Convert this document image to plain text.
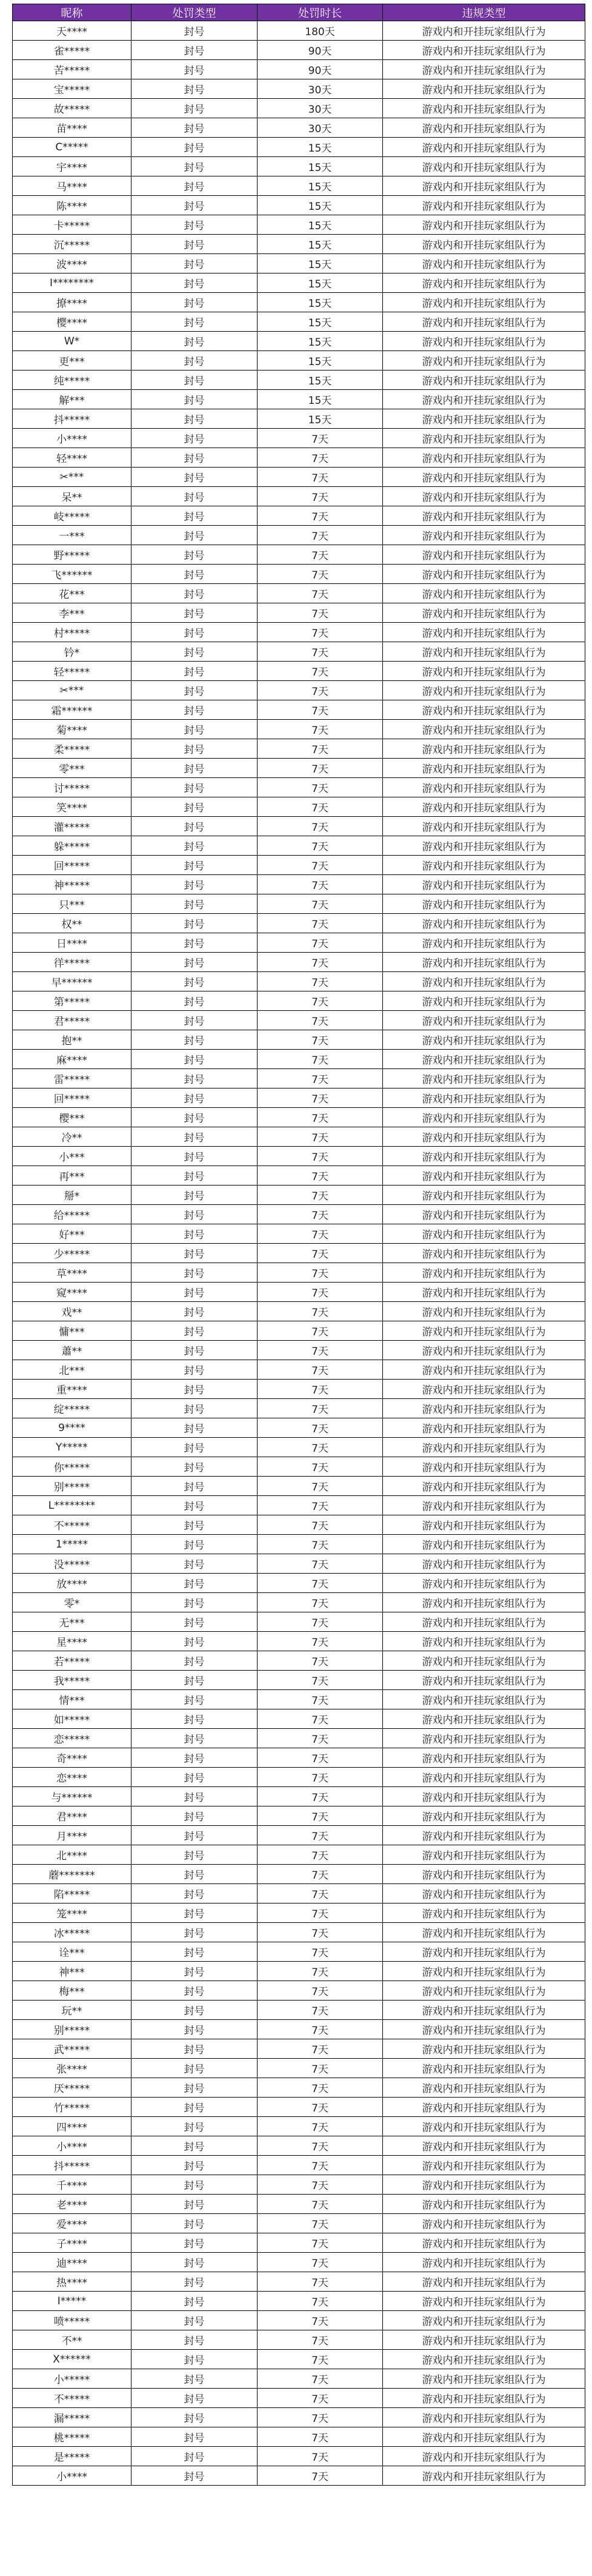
昵称	处罚类型	处罚时长	违规类型
天****	封号	180天	游戏内和开挂玩家组队行为
雀*****	封号	90天	游戏内和开挂玩家组队行为
苦*****	封号	90天	游戏内和开挂玩家组队行为
宝*****	封号	30天	游戏内和开挂玩家组队行为
故*****	封号	30天	游戏内和开挂玩家组队行为
苗****	封号	30天	游戏内和开挂玩家组队行为
C*****	封号	15天	游戏内和开挂玩家组队行为
宇****	封号	15天	游戏内和开挂玩家组队行为
马****	封号	15天	游戏内和开挂玩家组队行为
陈****	封号	15天	游戏内和开挂玩家组队行为
卡*****	封号	15天	游戏内和开挂玩家组队行为
沉*****	封号	15天	游戏内和开挂玩家组队行为
波****	封号	15天	游戏内和开挂玩家组队行为
I********	封号	15天	游戏内和开挂玩家组队行为
撩****	封号	15天	游戏内和开挂玩家组队行为
樱****	封号	15天	游戏内和开挂玩家组队行为
W*	封号	15天	游戏内和开挂玩家组队行为
更***	封号	15天	游戏内和开挂玩家组队行为
纯*****	封号	15天	游戏内和开挂玩家组队行为
解***	封号	15天	游戏内和开挂玩家组队行为
抖*****	封号	15天	游戏内和开挂玩家组队行为
小****	封号	7天	游戏内和开挂玩家组队行为
轻****	封号	7天	游戏内和开挂玩家组队行为
✂***	封号	7天	游戏内和开挂玩家组队行为
呆**	封号	7天	游戏内和开挂玩家组队行为
岐*****	封号	7天	游戏内和开挂玩家组队行为
一***	封号	7天	游戏内和开挂玩家组队行为
野*****	封号	7天	游戏内和开挂玩家组队行为
飞******	封号	7天	游戏内和开挂玩家组队行为
花***	封号	7天	游戏内和开挂玩家组队行为
李***	封号	7天	游戏内和开挂玩家组队行为
村*****	封号	7天	游戏内和开挂玩家组队行为
钤*	封号	7天	游戏内和开挂玩家组队行为
轻*****	封号	7天	游戏内和开挂玩家组队行为
✂***	封号	7天	游戏内和开挂玩家组队行为
霜******	封号	7天	游戏内和开挂玩家组队行为
菊****	封号	7天	游戏内和开挂玩家组队行为
柔*****	封号	7天	游戏内和开挂玩家组队行为
零***	封号	7天	游戏内和开挂玩家组队行为
讨*****	封号	7天	游戏内和开挂玩家组队行为
笑****	封号	7天	游戏内和开挂玩家组队行为
灌*****	封号	7天	游戏内和开挂玩家组队行为
躲*****	封号	7天	游戏内和开挂玩家组队行为
回*****	封号	7天	游戏内和开挂玩家组队行为
神*****	封号	7天	游戏内和开挂玩家组队行为
只***	封号	7天	游戏内和开挂玩家组队行为
权**	封号	7天	游戏内和开挂玩家组队行为
日****	封号	7天	游戏内和开挂玩家组队行为
徉*****	封号	7天	游戏内和开挂玩家组队行为
早******	封号	7天	游戏内和开挂玩家组队行为
第*****	封号	7天	游戏内和开挂玩家组队行为
君*****	封号	7天	游戏内和开挂玩家组队行为
抱**	封号	7天	游戏内和开挂玩家组队行为
麻****	封号	7天	游戏内和开挂玩家组队行为
雷*****	封号	7天	游戏内和开挂玩家组队行为
回*****	封号	7天	游戏内和开挂玩家组队行为
樱***	封号	7天	游戏内和开挂玩家组队行为
冷**	封号	7天	游戏内和开挂玩家组队行为
小***	封号	7天	游戏内和开挂玩家组队行为
再***	封号	7天	游戏内和开挂玩家组队行为
掰*	封号	7天	游戏内和开挂玩家组队行为
给*****	封号	7天	游戏内和开挂玩家组队行为
好***	封号	7天	游戏内和开挂玩家组队行为
少*****	封号	7天	游戏内和开挂玩家组队行为
草****	封号	7天	游戏内和开挂玩家组队行为
窥****	封号	7天	游戏内和开挂玩家组队行为
戏**	封号	7天	游戏内和开挂玩家组队行为
慵***	封号	7天	游戏内和开挂玩家组队行为
蕭**	封号	7天	游戏内和开挂玩家组队行为
北***	封号	7天	游戏内和开挂玩家组队行为
重****	封号	7天	游戏内和开挂玩家组队行为
绽*****	封号	7天	游戏内和开挂玩家组队行为
9****	封号	7天	游戏内和开挂玩家组队行为
Y*****	封号	7天	游戏内和开挂玩家组队行为
你*****	封号	7天	游戏内和开挂玩家组队行为
别*****	封号	7天	游戏内和开挂玩家组队行为
L********	封号	7天	游戏内和开挂玩家组队行为
不*****	封号	7天	游戏内和开挂玩家组队行为
1*****	封号	7天	游戏内和开挂玩家组队行为
没*****	封号	7天	游戏内和开挂玩家组队行为
放****	封号	7天	游戏内和开挂玩家组队行为
零*	封号	7天	游戏内和开挂玩家组队行为
无***	封号	7天	游戏内和开挂玩家组队行为
星****	封号	7天	游戏内和开挂玩家组队行为
若*****	封号	7天	游戏内和开挂玩家组队行为
我*****	封号	7天	游戏内和开挂玩家组队行为
情***	封号	7天	游戏内和开挂玩家组队行为
如*****	封号	7天	游戏内和开挂玩家组队行为
恋*****	封号	7天	游戏内和开挂玩家组队行为
奇****	封号	7天	游戏内和开挂玩家组队行为
恋****	封号	7天	游戏内和开挂玩家组队行为
与******	封号	7天	游戏内和开挂玩家组队行为
君****	封号	7天	游戏内和开挂玩家组队行为
月****	封号	7天	游戏内和开挂玩家组队行为
北****	封号	7天	游戏内和开挂玩家组队行为
蘑*******	封号	7天	游戏内和开挂玩家组队行为
陷*****	封号	7天	游戏内和开挂玩家组队行为
笼****	封号	7天	游戏内和开挂玩家组队行为
冰*****	封号	7天	游戏内和开挂玩家组队行为
诠***	封号	7天	游戏内和开挂玩家组队行为
神***	封号	7天	游戏内和开挂玩家组队行为
梅***	封号	7天	游戏内和开挂玩家组队行为
玩**	封号	7天	游戏内和开挂玩家组队行为
别*****	封号	7天	游戏内和开挂玩家组队行为
武*****	封号	7天	游戏内和开挂玩家组队行为
张****	封号	7天	游戏内和开挂玩家组队行为
厌*****	封号	7天	游戏内和开挂玩家组队行为
竹*****	封号	7天	游戏内和开挂玩家组队行为
四****	封号	7天	游戏内和开挂玩家组队行为
小****	封号	7天	游戏内和开挂玩家组队行为
抖*****	封号	7天	游戏内和开挂玩家组队行为
千****	封号	7天	游戏内和开挂玩家组队行为
老****	封号	7天	游戏内和开挂玩家组队行为
爱****	封号	7天	游戏内和开挂玩家组队行为
子****	封号	7天	游戏内和开挂玩家组队行为
迪****	封号	7天	游戏内和开挂玩家组队行为
热****	封号	7天	游戏内和开挂玩家组队行为
I*****	封号	7天	游戏内和开挂玩家组队行为
喷*****	封号	7天	游戏内和开挂玩家组队行为
不**	封号	7天	游戏内和开挂玩家组队行为
X******	封号	7天	游戏内和开挂玩家组队行为
小*****	封号	7天	游戏内和开挂玩家组队行为
不*****	封号	7天	游戏内和开挂玩家组队行为
漏*****	封号	7天	游戏内和开挂玩家组队行为
桃*****	封号	7天	游戏内和开挂玩家组队行为
是*****	封号	7天	游戏内和开挂玩家组队行为
小****	封号	7天	游戏内和开挂玩家组队行为
